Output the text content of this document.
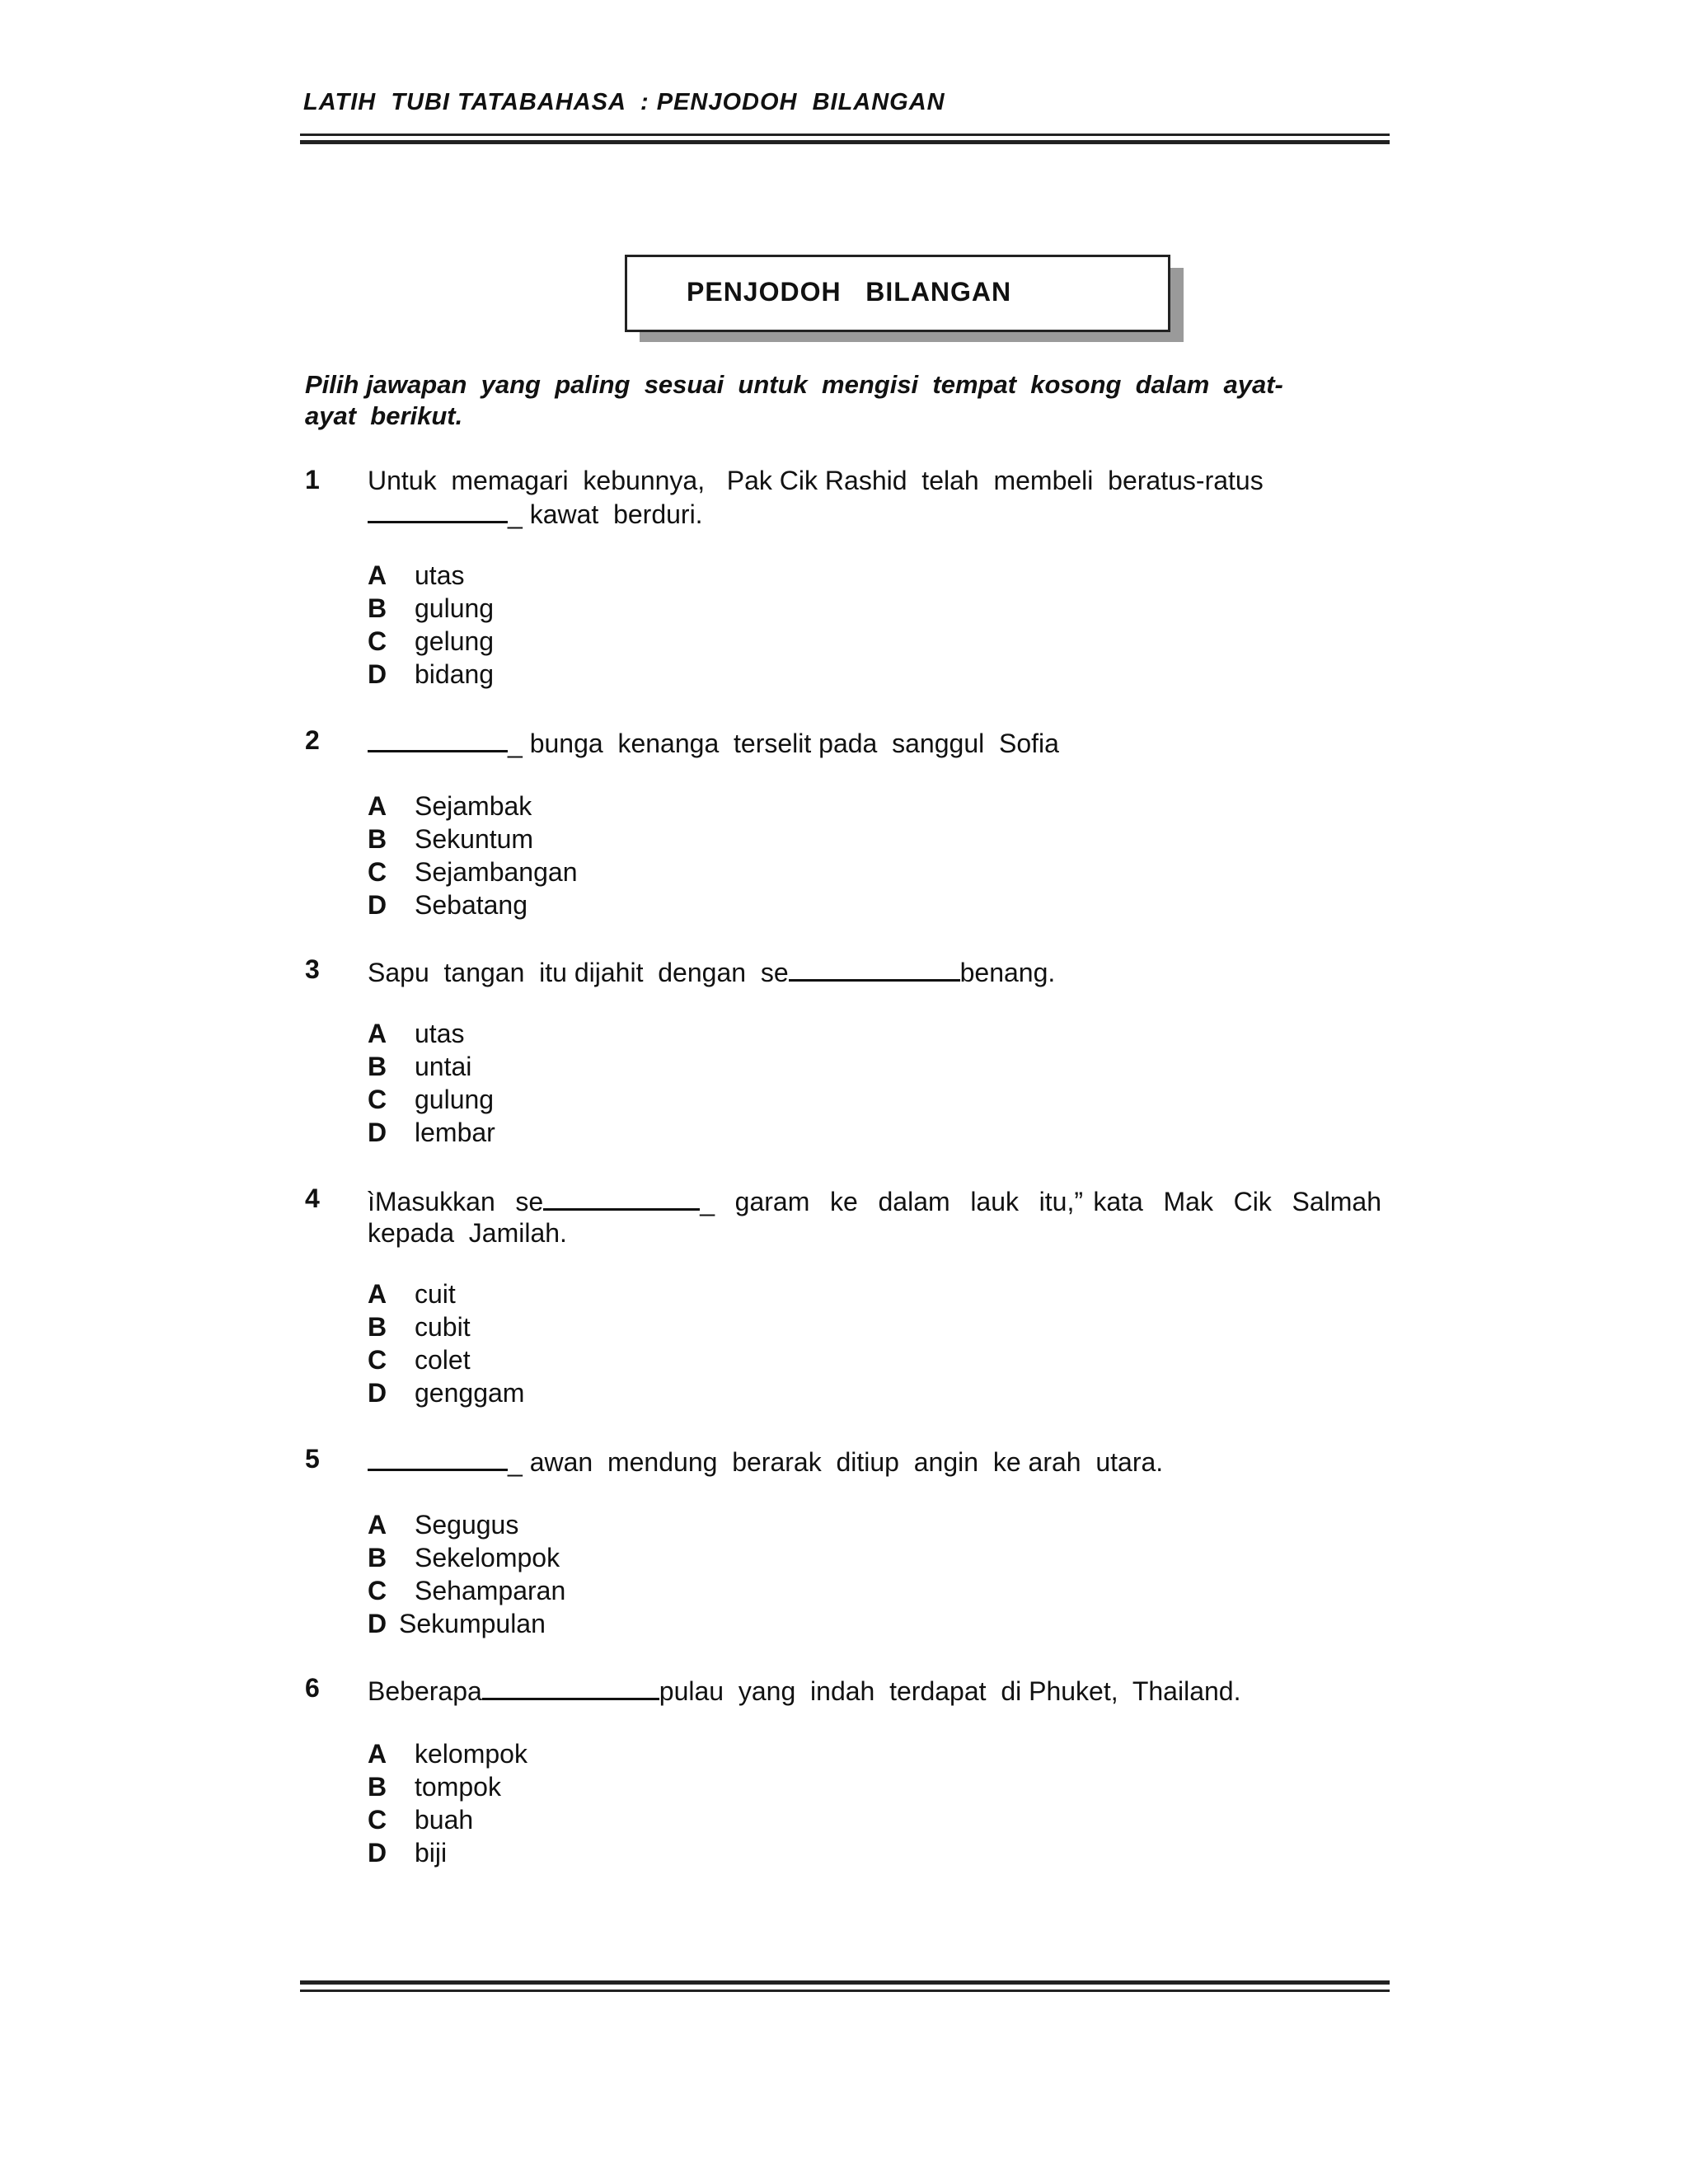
LATIH  TUBI TATABAHASA  : PENJODOH  BILANGAN
PENJODOH   BILANGAN
Pilih jawapan  yang  paling  sesuai  untuk  mengisi  tempat  kosong  dalam  ayat-
ayat  berikut.
1 Untuk  memagari  kebunnya,   Pak Cik Rashid  telah  membeli  beratus-ratus
_ kawat  berduri.
A utas
B gulung
C gelung
D bidang
2	_ bunga  kenanga  terselit pada  sanggul  Sofia
A Sejambak
B Sekuntum
C Sejambangan
D Sebatang
3 Sapu  tangan  itu dijahit  dengan  se	benang.
A utas
B untai
C gulung
D lembar
4 ìMasukkan  se	_  garam  ke  dalam  lauk  itu,” kata  Mak  Cik  Salmah
kepada  Jamilah.
A cuit
B cubit
C colet
D genggam
5	_ awan  mendung  berarak  ditiup  angin  ke arah  utara.
A Segugus
B Sekelompok
C Sehamparan
D Sekumpulan
6 Beberapa	pulau  yang  indah  terdapat  di Phuket,  Thailand.
A kelompok
B tompok
C buah
D biji
